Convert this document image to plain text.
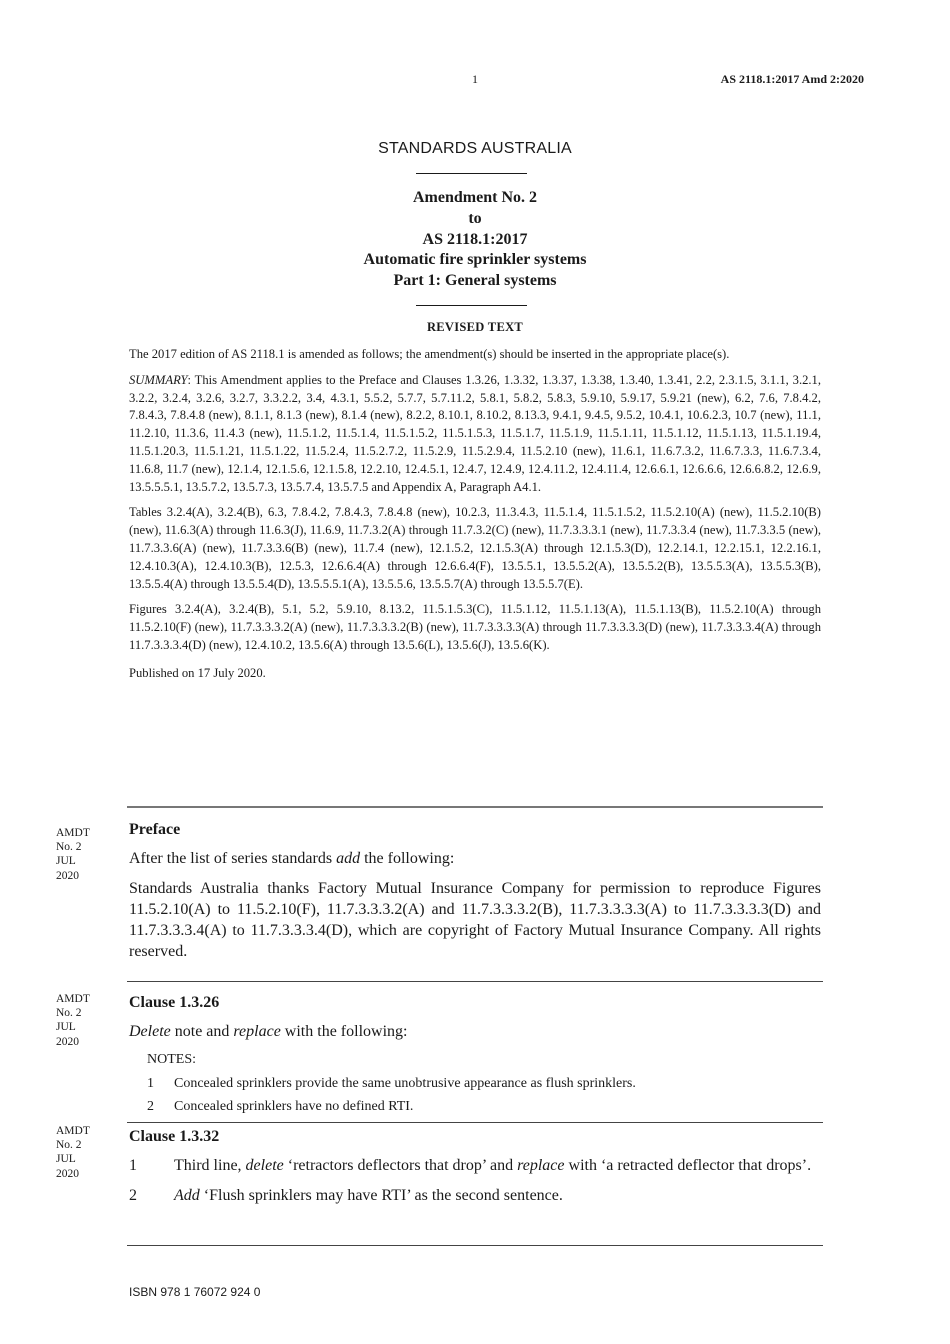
1	AS 2118.1:2017 Amd 2:2020
STANDARDS AUSTRALIA
Amendment No. 2
to
AS 2118.1:2017
Automatic fire sprinkler systems
Part 1: General systems
REVISED TEXT

The 2017 edition of AS 2118.1 is amended as follows; the amendment(s) should be inserted in the appropriate place(s).

SUMMARY: This Amendment applies to the Preface and Clauses 1.3.26, 1.3.32, 1.3.37, 1.3.38, 1.3.40, 1.3.41, 2.2, 2.3.1.5, 3.1.1, 3.2.1, 3.2.2, 3.2.4, 3.2.6, 3.2.7, 3.3.2.2, 3.4, 4.3.1, 5.5.2, 5.7.7, 5.7.11.2, 5.8.1, 5.8.2, 5.8.3, 5.9.10, 5.9.17, 5.9.21 (new), 6.2, 7.6, 7.8.4.2, 7.8.4.3, 7.8.4.8 (new), 8.1.1, 8.1.3 (new), 8.1.4 (new), 8.2.2, 8.10.1, 8.10.2, 8.13.3, 9.4.1, 9.4.5, 9.5.2, 10.4.1, 10.6.2.3, 10.7 (new), 11.1, 11.2.10, 11.3.6, 11.4.3 (new), 11.5.1.2, 11.5.1.4, 11.5.1.5.2, 11.5.1.5.3, 11.5.1.7, 11.5.1.9, 11.5.1.11, 11.5.1.12, 11.5.1.13, 11.5.1.19.4, 11.5.1.20.3, 11.5.1.21, 11.5.1.22, 11.5.2.4, 11.5.2.7.2, 11.5.2.9, 11.5.2.9.4, 11.5.2.10 (new), 11.6.1, 11.6.7.3.2, 11.6.7.3.3, 11.6.7.3.4, 11.6.8, 11.7 (new), 12.1.4, 12.1.5.6, 12.1.5.8, 12.2.10, 12.4.5.1, 12.4.7, 12.4.9, 12.4.11.2, 12.4.11.4, 12.6.6.1, 12.6.6.6, 12.6.6.8.2, 12.6.9, 13.5.5.5.1, 13.5.7.2, 13.5.7.3, 13.5.7.4, 13.5.7.5 and Appendix A, Paragraph A4.1.

Tables 3.2.4(A), 3.2.4(B), 6.3, 7.8.4.2, 7.8.4.3, 7.8.4.8 (new), 10.2.3, 11.3.4.3, 11.5.1.4, 11.5.1.5.2, 11.5.2.10(A) (new), 11.5.2.10(B) (new), 11.6.3(A) through 11.6.3(J), 11.6.9, 11.7.3.2(A) through 11.7.3.2(C) (new), 11.7.3.3.3.1 (new), 11.7.3.3.4 (new), 11.7.3.3.5 (new), 11.7.3.3.6(A) (new), 11.7.3.3.6(B) (new), 11.7.4 (new), 12.1.5.2, 12.1.5.3(A) through 12.1.5.3(D), 12.2.14.1, 12.2.15.1, 12.2.16.1, 12.4.10.3(A), 12.4.10.3(B), 12.5.3, 12.6.6.4(A) through 12.6.6.4(F), 13.5.5.1, 13.5.5.2(A), 13.5.5.2(B), 13.5.5.3(A), 13.5.5.3(B), 13.5.5.4(A) through 13.5.5.4(D), 13.5.5.5.1(A), 13.5.5.6, 13.5.5.7(A) through 13.5.5.7(E).

Figures 3.2.4(A), 3.2.4(B), 5.1, 5.2, 5.9.10, 8.13.2, 11.5.1.5.3(C), 11.5.1.12, 11.5.1.13(A), 11.5.1.13(B), 11.5.2.10(A) through 11.5.2.10(F) (new), 11.7.3.3.3.2(A) (new), 11.7.3.3.3.2(B) (new), 11.7.3.3.3.3(A) through 11.7.3.3.3.3(D) (new), 11.7.3.3.3.4(A) through 11.7.3.3.3.4(D) (new), 12.4.10.2, 13.5.6(A) through 13.5.6(L), 13.5.6(J), 13.5.6(K).

Published on 17 July 2020.

AMDT
No. 2
JUL
2020
Preface

After the list of series standards add the following:

Standards Australia thanks Factory Mutual Insurance Company for permission to reproduce Figures 11.5.2.10(A) to 11.5.2.10(F), 11.7.3.3.3.2(A) and 11.7.3.3.3.2(B), 11.7.3.3.3.3(A) to 11.7.3.3.3.3(D) and 11.7.3.3.3.4(A) to 11.7.3.3.3.4(D), which are copyright of Factory Mutual Insurance Company. All rights reserved.

AMDT
No. 2
JUL
2020
Clause 1.3.26

Delete note and replace with the following:

NOTES:
1	Concealed sprinklers provide the same unobtrusive appearance as flush sprinklers.
2	Concealed sprinklers have no defined RTI.
AMDT
No. 2
JUL
2020
Clause 1.3.32
1	Third line, delete ‘retractors deflectors that drop’ and replace with ‘a retracted deflector that drops’.
2	Add ‘Flush sprinklers may have RTI’ as the second sentence.
ISBN 978 1 76072 924 0
